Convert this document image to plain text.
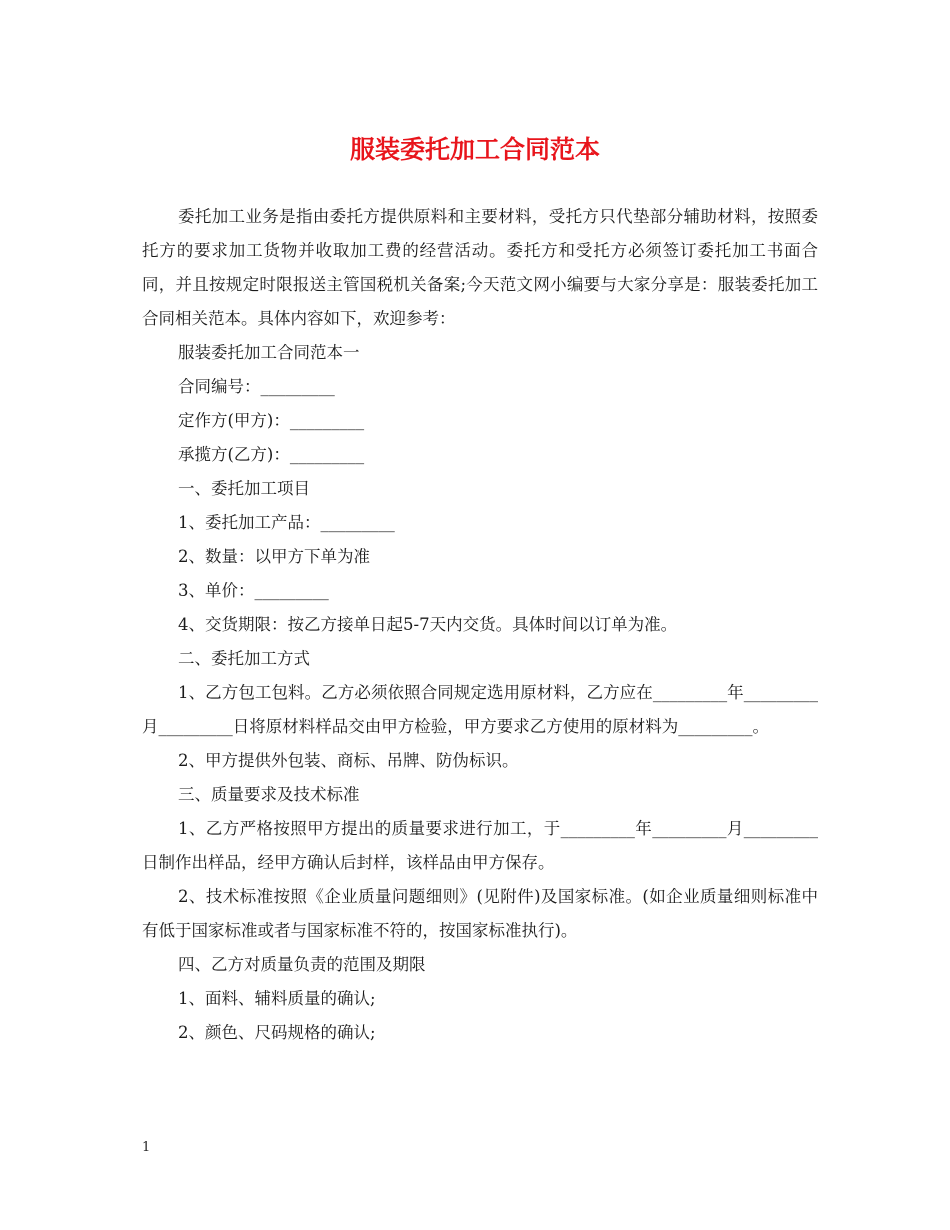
服装委托加工合同范本

委托加工业务是指由委托方提供原料和主要材料，受托方只代垫部分辅助材料，按照委托方的要求加工货物并收取加工费的经营活动。委托方和受托方必须签订委托加工书面合同，并且按规定时限报送主管国税机关备案;今天范文网小编要与大家分享是：服装委托加工合同相关范本。具体内容如下，欢迎参考：

服装委托加工合同范本一

合同编号：_________

定作方(甲方)：_________

承揽方(乙方)：_________

一、委托加工项目

1、委托加工产品：_________

2、数量：以甲方下单为准

3、单价：_________

4、交货期限：按乙方接单日起5-7天内交货。具体时间以订单为准。

二、委托加工方式

1、乙方包工包料。乙方必须依照合同规定选用原材料，乙方应在_________年_________月_________日将原材料样品交由甲方检验，甲方要求乙方使用的原材料为_________。

2、甲方提供外包装、商标、吊牌、防伪标识。

三、质量要求及技术标准

1、乙方严格按照甲方提出的质量要求进行加工，于_________年_________月_________日制作出样品，经甲方确认后封样，该样品由甲方保存。

2、技术标准按照《企业质量问题细则》(见附件)及国家标准。(如企业质量细则标准中有低于国家标准或者与国家标准不符的，按国家标准执行)。

四、乙方对质量负责的范围及期限

1、面料、辅料质量的确认;

2、颜色、尺码规格的确认;

1
